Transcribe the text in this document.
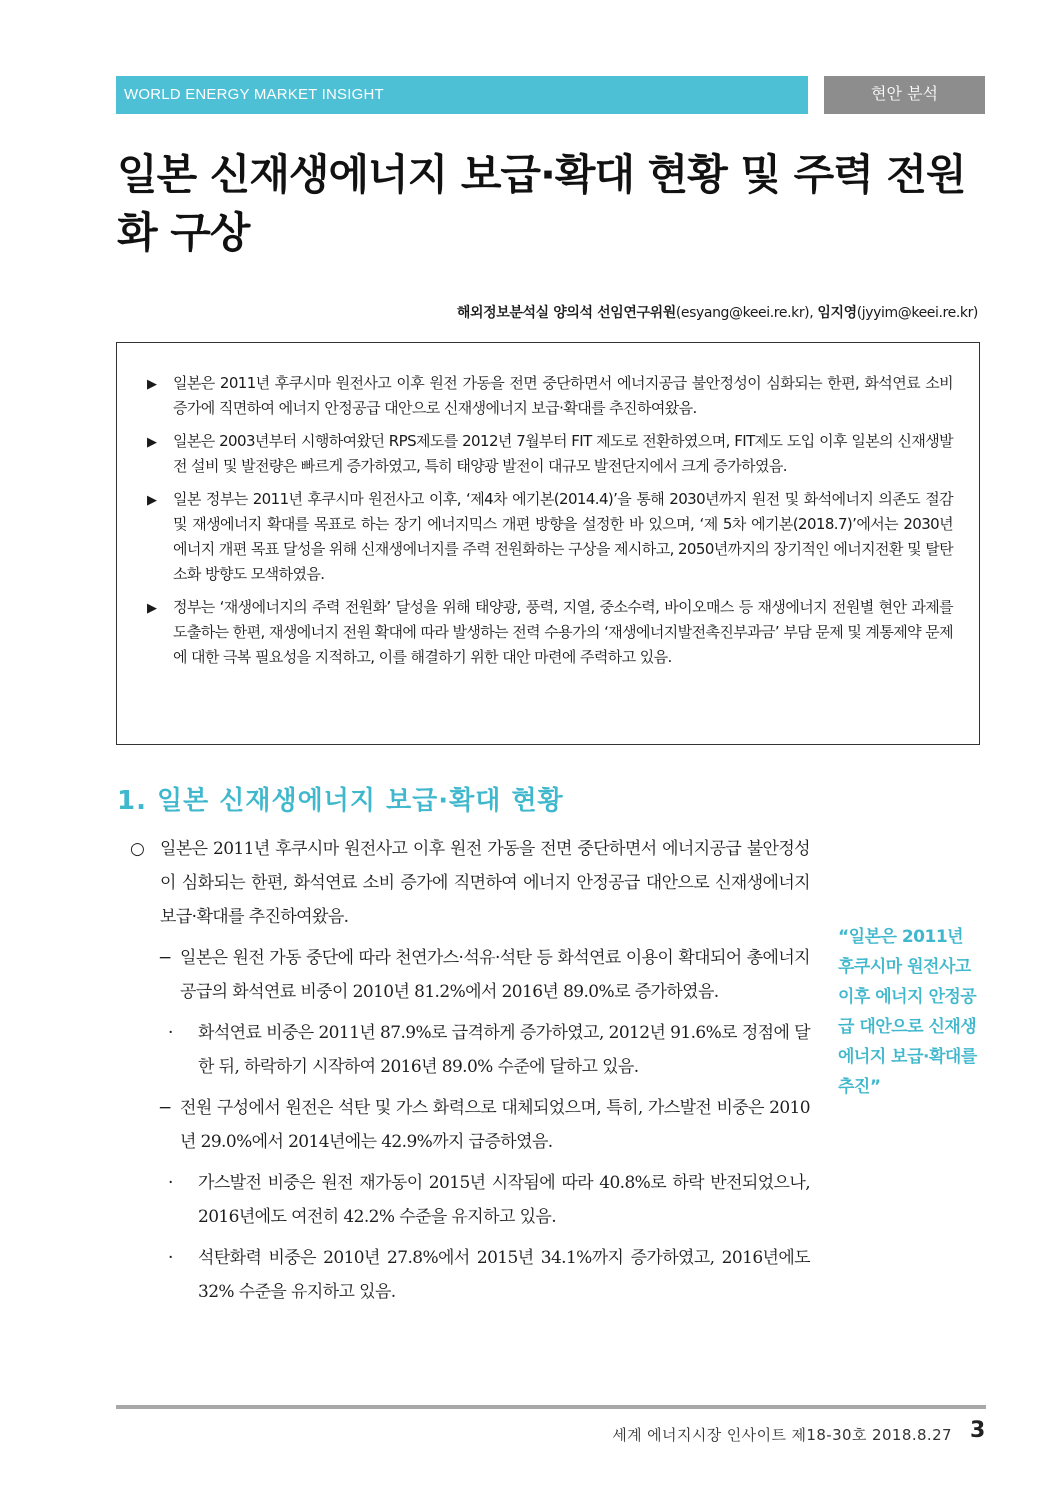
WORLD ENERGY MARKET INSIGHT	현안 분석
일본 신재생에너지 보급·확대 현황 및 주력 전원화 구상
해외정보분석실 양의석 선임연구위원(esyang@keei.re.kr), 임지영(jyyim@keei.re.kr)
▶	일본은 2011년 후쿠시마 원전사고 이후 원전 가동을 전면 중단하면서 에너지공급 불안정성이 심화되는 한편, 화석연료 소비 증가에 직면하여 에너지 안정공급 대안으로 신재생에너지 보급·확대를 추진하여왔음.
▶	일본은 2003년부터 시행하여왔던 RPS제도를 2012년 7월부터 FIT 제도로 전환하였으며, FIT제도 도입 이후 일본의 신재생발전 설비 및 발전량은 빠르게 증가하였고, 특히 태양광 발전이 대규모 발전단지에서 크게 증가하였음.
▶	일본 정부는 2011년 후쿠시마 원전사고 이후, ‘제4차 에기본(2014.4)’을 통해 2030년까지 원전 및 화석에너지 의존도 절감 및 재생에너지 확대를 목표로 하는 장기 에너지믹스 개편 방향을 설정한 바 있으며, ‘제 5차 에기본(2018.7)’에서는 2030년 에너지 개편 목표 달성을 위해 신재생에너지를 주력 전원화하는 구상을 제시하고, 2050년까지의 장기적인 에너지전환 및 탈탄소화 방향도 모색하였음.
▶	정부는 ‘재생에너지의 주력 전원화’ 달성을 위해 태양광, 풍력, 지열, 중소수력, 바이오매스 등 재생에너지 전원별 현안 과제를 도출하는 한편, 재생에너지 전원 확대에 따라 발생하는 전력 수용가의 ‘재생에너지발전촉진부과금’ 부담 문제 및 계통제약 문제에 대한 극복 필요성을 지적하고, 이를 해결하기 위한 대안 마련에 주력하고 있음.
1. 일본 신재생에너지 보급·확대 현황
○ 일본은 2011년 후쿠시마 원전사고 이후 원전 가동을 전면 중단하면서 에너지공급 불안정성이 심화되는 한편, 화석연료 소비 증가에 직면하여 에너지 안정공급 대안으로 신재생에너지 보급·확대를 추진하여왔음.
− 일본은 원전 가동 중단에 따라 천연가스·석유·석탄 등 화석연료 이용이 확대되어 총에너지공급의 화석연료 비중이 2010년 81.2%에서 2016년 89.0%로 증가하였음.
·	화석연료 비중은 2011년 87.9%로 급격하게 증가하였고, 2012년 91.6%로 정점에 달한 뒤, 하락하기 시작하여 2016년 89.0% 수준에 달하고 있음.
− 전원 구성에서 원전은 석탄 및 가스 화력으로 대체되었으며, 특히, 가스발전 비중은 2010년 29.0%에서 2014년에는 42.9%까지 급증하였음.
·	가스발전 비중은 원전 재가동이 2015년 시작됨에 따라 40.8%로 하락 반전되었으나, 2016년에도 여전히 42.2% 수준을 유지하고 있음.
·	석탄화력 비중은 2010년 27.8%에서 2015년 34.1%까지 증가하였고, 2016년에도 32% 수준을 유지하고 있음.
“일본은 2011년 후쿠시마 원전사고 이후 에너지 안정공급 대안으로 신재생에너지 보급·확대를 추진”
세계 에너지시장 인사이트 제18-30호 2018.8.27 3
